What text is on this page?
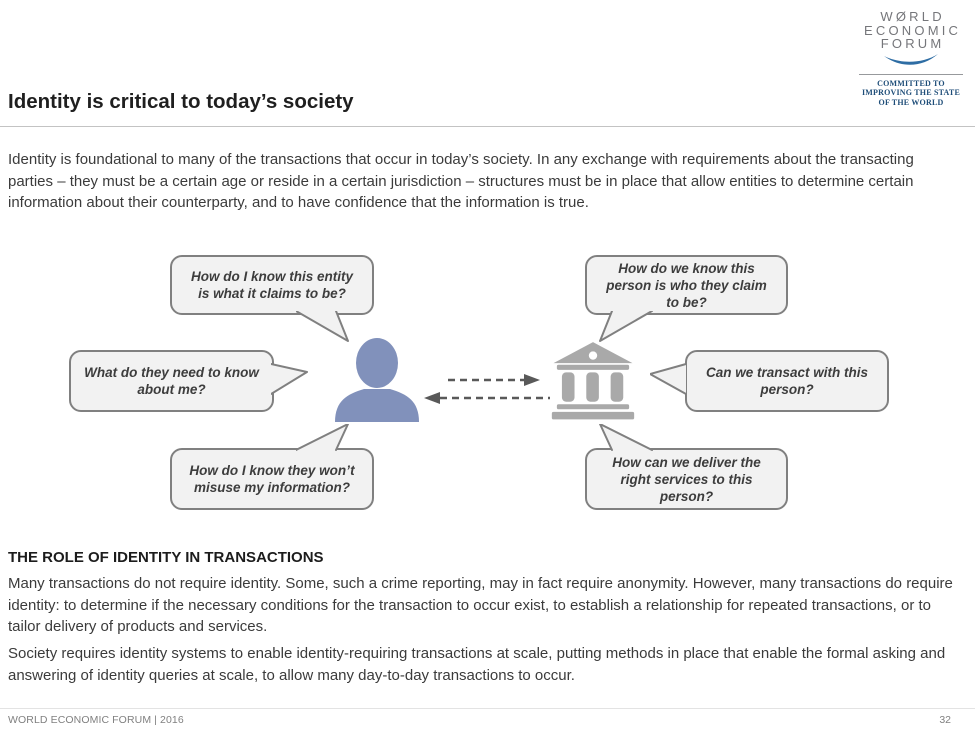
WØRLD
ECONOMIC
FORUM
COMMITTED TO
IMPROVING THE STATE
OF THE WORLD
Identity is critical to today’s society
Identity is foundational to many of the transactions that occur in today’s society. In any exchange with requirements about the transacting parties – they must be a certain age or reside in a certain jurisdiction – structures must be in place that allow entities to determine certain information about their counterparty, and to have confidence that the information is true.
How do I know this entity is what it claims to be?
What do they need to know about me?
How do I know they won’t misuse my information?
How do we know this person is who they claim to be?
Can we transact with this person?
How can we deliver the right services to this person?
THE ROLE OF IDENTITY IN TRANSACTIONS
Many transactions do not require identity. Some, such a crime reporting, may in fact require anonymity. However, many transactions do require identity: to determine if the necessary conditions for the transaction to occur exist, to establish a relationship for repeated transactions, or to tailor delivery of products and services.
Society requires identity systems to enable identity-requiring transactions at scale, putting methods in place that enable the formal asking and answering of identity queries at scale, to allow many day-to-day transactions to occur.
WORLD ECONOMIC FORUM | 2016	32
